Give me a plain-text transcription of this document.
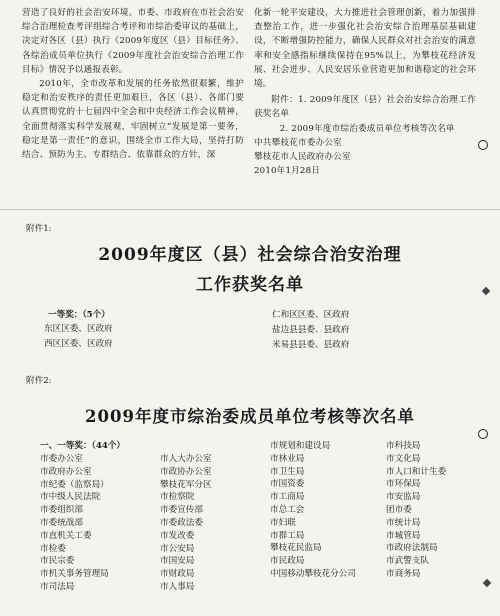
营造了良好的社会治安环境。市委、市政府在市社会治安综合治理检查考评组综合考评和市综治委审议的基础上，决定对各区（县）执行《2009年度区（县）目标任务》、各综治成员单位执行《2009年度社会治安综合治理工作目标》情况予以通报表彰。

2010年，全市改革和发展的任务依然很艰繁，维护稳定和治安秩序的责任更加艰巨，各区（县）、各部门要认真贯彻党的十七届四中全会和中央经济工作会议精神，全面贯彻落实科学发展观，牢固树立“发展是第一要务，稳定是第一责任”的意识，围绕全市工作大局，坚持打防结合、预防为主、专群结合、依靠群众的方针，深

化新一轮平安建设，大力推进社会管理创新，着力加强排查整治工作，进一步强化社会治安综合治理基层基础建设，不断增强防控能力，确保人民群众对社会治安的满意率和安全感指标继续保持在95%以上，为攀枝花经济发展、社会进步、人民安居乐业营造更加和谐稳定的社会环境。

附件：1. 2009年度区（县）社会治安综合治理工作获奖名单

2. 2009年度市综治委成员单位考核等次名单

中共攀枝花市委办公室

攀枝花市人民政府办公室

2010年1月28日

附件1:
2009年度区（县）社会综合治安治理
工作获奖名单
一等奖：（5个）
东区区委、区政府
西区区委、区政府
仁和区区委、区政府
盐边县县委、县政府
米易县县委、县政府
附件2:
2009年度市综治委成员单位考核等次名单
一、一等奖：（44个）
市委办公室
市政府办公室
市纪委（监察局）
市中级人民法院
市委组织部
市委统战部
市直机关工委
市检委
市民宗委
市机关事务管理局
市司法局
市人大办公室
市政协办公室
攀枝花军分区
市检察院
市委宣传部
市委政法委
市发改委
市公安局
市国安局
市财政局
市人事局
市规划和建设局
市林业局
市卫生局
市国资委
市工商局
市总工会
市妇联
市群工局
攀枝花民监局
市民政局
中国移动攀枝花分公司
市科技局
市文化局
市人口和计生委
市环保局
市安监局
团市委
市统计局
市城管局
市政府法制局
市武警支队
市商务局
